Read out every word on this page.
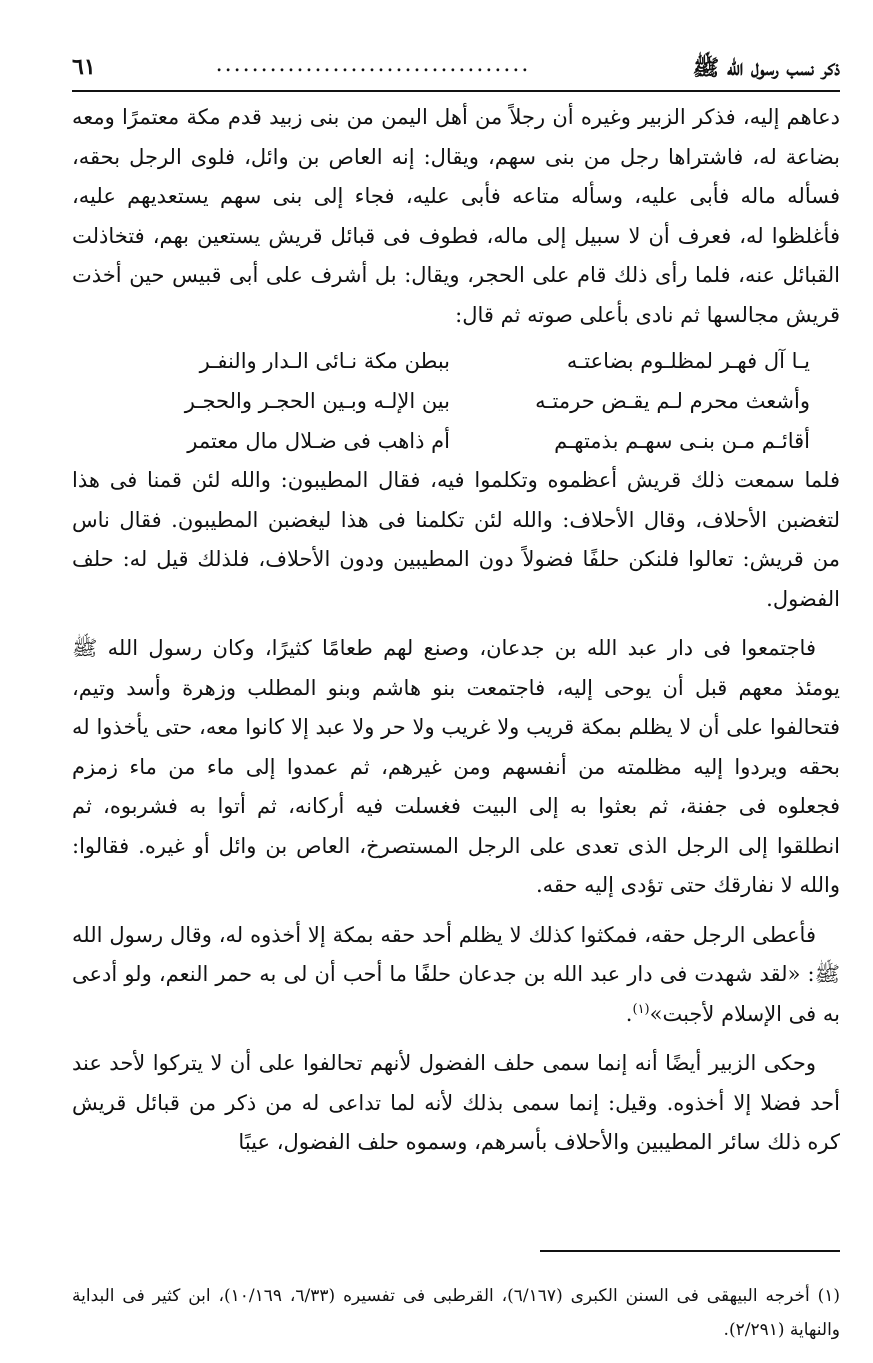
ذكر نسب رسول الله ﷺ
...................................
٦١

دعاهم إليه، فذكر الزبير وغيره أن رجلاً من أهل اليمن من بنى زبيد قدم مكة معتمرًا ومعه بضاعة له، فاشتراها رجل من بنى سهم، ويقال: إنه العاص بن وائل، فلوى الرجل بحقه، فسأله ماله فأبى عليه، وسأله متاعه فأبى عليه، فجاء إلى بنى سهم يستعديهم عليه، فأغلظوا له، فعرف أن لا سبيل إلى ماله، فطوف فى قبائل قريش يستعين بهم، فتخاذلت القبائل عنه، فلما رأى ذلك قام على الحجر، ويقال: بل أشرف على أبى قبيس حين أخذت قريش مجالسها ثم نادى بأعلى صوته ثم قال:

يـا آل فهـر لمظلـوم بضاعتـه
ببطن مكة نـائى الـدار والنفـر
وأشعث محرم لـم يقـض حرمتـه
بين الإلـه وبـين الحجـر والحجـر
أقائـم مـن بنـى سهـم بذمتهـم
أم ذاهب فى ضـلال مال معتمر

فلما سمعت ذلك قريش أعظموه وتكلموا فيه، فقال المطيبون: والله لئن قمنا فى هذا لتغضبن الأحلاف، وقال الأحلاف: والله لئن تكلمنا فى هذا ليغضبن المطيبون. فقال ناس من قريش: تعالوا فلنكن حلفًا فضولاً دون المطيبين ودون الأحلاف، فلذلك قيل له: حلف الفضول.

فاجتمعوا فى دار عبد الله بن جدعان، وصنع لهم طعامًا كثيرًا، وكان رسول الله ﷺ يومئذ معهم قبل أن يوحى إليه، فاجتمعت بنو هاشم وبنو المطلب وزهرة وأسد وتيم، فتحالفوا على أن لا يظلم بمكة قريب ولا غريب ولا حر ولا عبد إلا كانوا معه، حتى يأخذوا له بحقه ويردوا إليه مظلمته من أنفسهم ومن غيرهم، ثم عمدوا إلى ماء من ماء زمزم فجعلوه فى جفنة، ثم بعثوا به إلى البيت فغسلت فيه أركانه، ثم أتوا به فشربوه، ثم انطلقوا إلى الرجل الذى تعدى على الرجل المستصرخ، العاص بن وائل أو غيره. فقالوا: والله لا نفارقك حتى تؤدى إليه حقه.

فأعطى الرجل حقه، فمكثوا كذلك لا يظلم أحد حقه بمكة إلا أخذوه له، وقال رسول الله ﷺ: «لقد شهدت فى دار عبد الله بن جدعان حلفًا ما أحب أن لى به حمر النعم، ولو أدعى به فى الإسلام لأجبت»$^{(١)}$.

وحكى الزبير أيضًا أنه إنما سمى حلف الفضول لأنهم تحالفوا على أن لا يتركوا لأحد عند أحد فضلا إلا أخذوه. وقيل: إنما سمى بذلك لأنه لما تداعى له من ذكر من قبائل قريش كره ذلك سائر المطيبين والأحلاف بأسرهم، وسموه حلف الفضول، عيبًا

(١) أخرجه البيهقى فى السنن الكبرى (٦/١٦٧)، القرطبى فى تفسيره (٦/٣٣، ١٠/١٦٩)، ابن كثير فى البداية والنهاية (٢/٢٩١).
